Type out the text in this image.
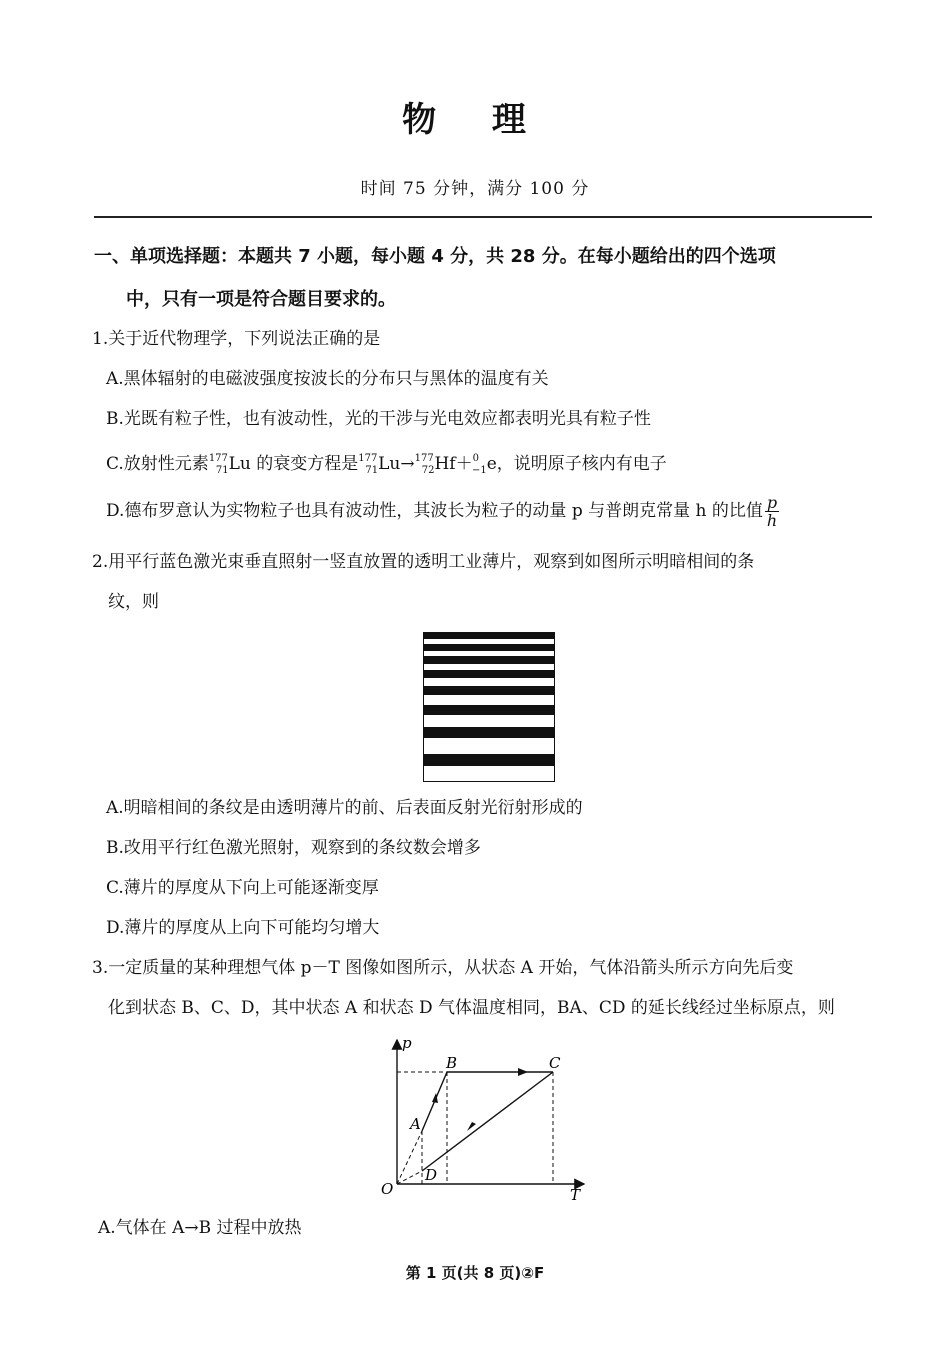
物 理
时间 75 分钟，满分 100 分
一、单项选择题：本题共 7 小题，每小题 4 分，共 28 分。在每小题给出的四个选项
中，只有一项是符合题目要求的。
1.关于近代物理学，下列说法正确的是
A.黑体辐射的电磁波强度按波长的分布只与黑体的温度有关
B.光既有粒子性，也有波动性，光的干涉与光电效应都表明光具有粒子性
C.放射性元素$^{177}_{71}$Lu 的衰变方程是$^{177}_{71}$Lu→$^{177}_{72}$Hf＋$^0_{-1}$e，说明原子核内有电子
D.德布罗意认为实物粒子也具有波动性，其波长为粒子的动量 p 与普朗克常量 h 的比值 $\frac{p}{h}$
2.用平行蓝色激光束垂直照射一竖直放置的透明工业薄片，观察到如图所示明暗相间的条
纹，则
A.明暗相间的条纹是由透明薄片的前、后表面反射光衍射形成的
B.改用平行红色激光照射，观察到的条纹数会增多
C.薄片的厚度从下向上可能逐渐变厚
D.薄片的厚度从上向下可能均匀增大
3.一定质量的某种理想气体 p－T 图像如图所示，从状态 A 开始，气体沿箭头所示方向先后变
化到状态 B、C、D，其中状态 A 和状态 D 气体温度相同，BA、CD 的延长线经过坐标原点，则
p
T
O
A
B	C
D
A.气体在 A→B 过程中放热
第 1 页(共 8 页)②F
